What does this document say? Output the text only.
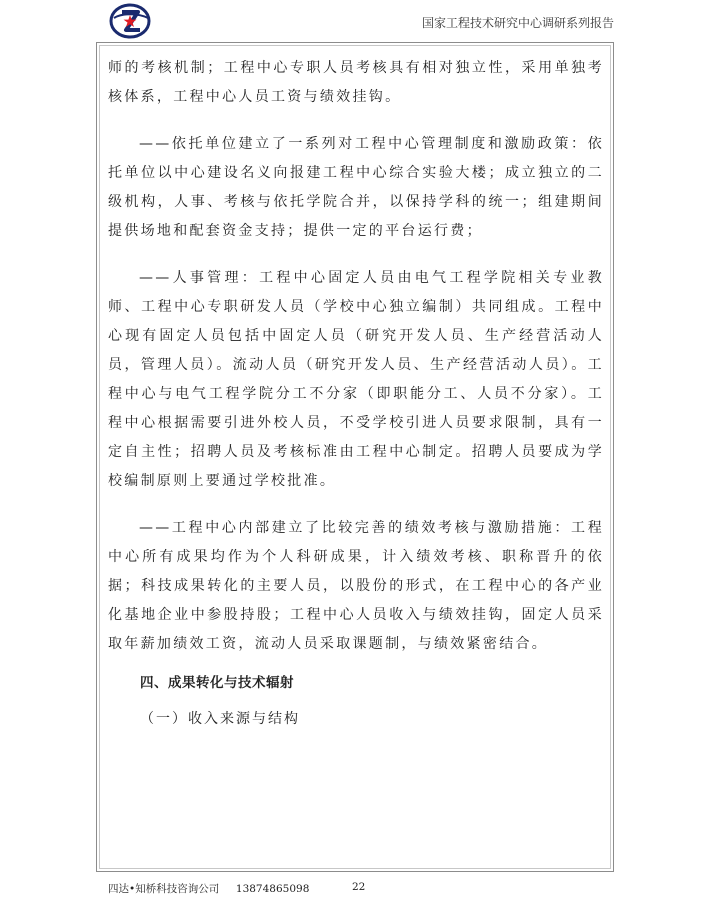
国家工程技术研究中心调研系列报告

师的考核机制；工程中心专职人员考核具有相对独立性，采用单独考核体系，工程中心人员工资与绩效挂钩。

——依托单位建立了一系列对工程中心管理制度和激励政策：依托单位以中心建设名义向报建工程中心综合实验大楼；成立独立的二级机构，人事、考核与依托学院合并，以保持学科的统一；组建期间提供场地和配套资金支持；提供一定的平台运行费；

——人事管理：工程中心固定人员由电气工程学院相关专业教师、工程中心专职研发人员（学校中心独立编制）共同组成。工程中心现有固定人员包括中固定人员（研究开发人员、生产经营活动人员，管理人员）。流动人员（研究开发人员、生产经营活动人员）。工程中心与电气工程学院分工不分家（即职能分工、人员不分家）。工程中心根据需要引进外校人员，不受学校引进人员要求限制，具有一定自主性；招聘人员及考核标准由工程中心制定。招聘人员要成为学校编制原则上要通过学校批准。

——工程中心内部建立了比较完善的绩效考核与激励措施：工程中心所有成果均作为个人科研成果，计入绩效考核、职称晋升的依据；科技成果转化的主要人员，以股份的形式，在工程中心的各产业化基地企业中参股持股；工程中心人员收入与绩效挂钩，固定人员采取年薪加绩效工资，流动人员采取课题制，与绩效紧密结合。

四、成果转化与技术辐射

（一）收入来源与结构

四达•知桥科技咨询公司 13874865098	22
